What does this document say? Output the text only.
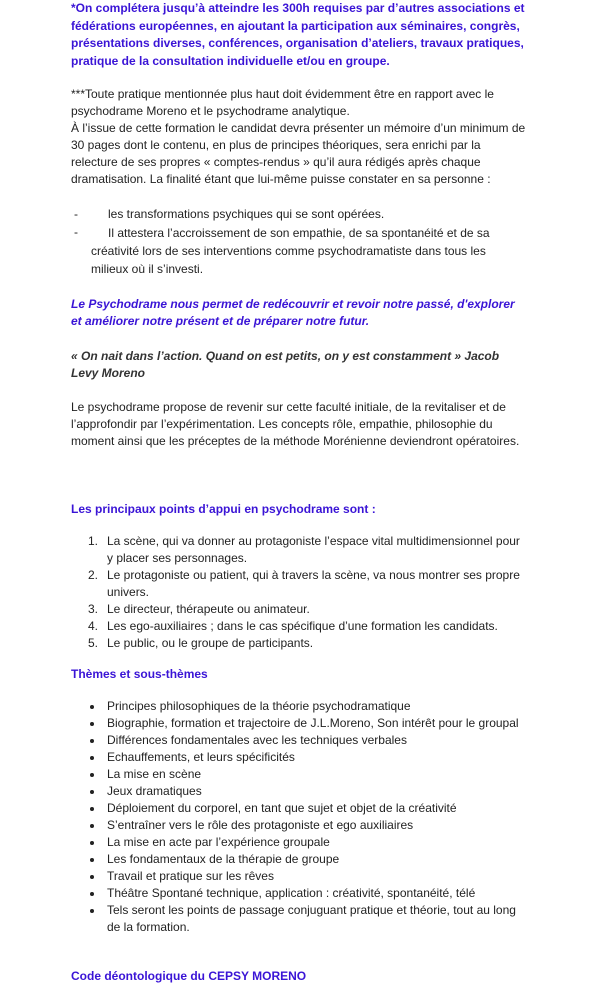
*On complétera jusqu’à atteindre les 300h requises par d’autres associations et fédérations européennes, en ajoutant la participation aux séminaires, congrès, présentations diverses, conférences, organisation d’ateliers, travaux pratiques, pratique de la consultation individuelle et/ou en groupe.

***Toute pratique mentionnée plus haut doit évidemment être en rapport avec le psychodrame Moreno et le psychodrame analytique.

À l’issue de cette formation le candidat devra présenter un mémoire d’un minimum de 30 pages dont le contenu, en plus de principes théoriques, sera enrichi par la relecture de ses propres « comptes-rendus » qu’il aura rédigés après chaque dramatisation. La finalité étant que lui-même puisse constater en sa personne :

-	les transformations psychiques qui se sont opérées.
-	Il attestera l’accroissement de son empathie, de sa spontanéité et de sa créativité lors de ses interventions comme psychodramatiste dans tous les milieux où il s’investi.

Le Psychodrame nous permet de redécouvrir et revoir notre passé, d'explorer et améliorer notre présent et de préparer notre futur.

« On nait dans l’action. Quand on est petits, on y est constamment » Jacob Levy Moreno

Le psychodrame propose de revenir sur cette faculté initiale, de la revitaliser et de l’approfondir par l’expérimentation. Les concepts rôle, empathie, philosophie du moment ainsi que les préceptes de la méthode Morénienne deviendront opératoires.

Les principaux points d’appui en psychodrame sont :

1. La scène, qui va donner au protagoniste l’espace vital multidimensionnel pour y placer ses personnages.
2. Le protagoniste ou patient, qui à travers la scène, va nous montrer ses propre univers.
3. Le directeur, thérapeute ou animateur.
4. Les ego-auxiliaires ; dans le cas spécifique d’une formation les candidats.
5. Le public, ou le groupe de participants.

Thèmes et sous-thèmes

Principes philosophiques de la théorie psychodramatique
Biographie, formation et trajectoire de J.L.Moreno, Son intérêt pour le groupal
Différences fondamentales avec les techniques verbales
Echauffements, et leurs spécificités
La mise en scène
Jeux dramatiques
Déploiement du corporel, en tant que sujet et objet de la créativité
S’entraîner vers le rôle des protagoniste et ego auxiliaires
La mise en acte par l’expérience groupale
Les fondamentaux de la thérapie de groupe
Travail et pratique sur les rêves
Théâtre Spontané technique, application : créativité, spontanéité, télé
Tels seront les points de passage conjuguant pratique et théorie, tout au long de la formation.

Code déontologique du CEPSY MORENO
